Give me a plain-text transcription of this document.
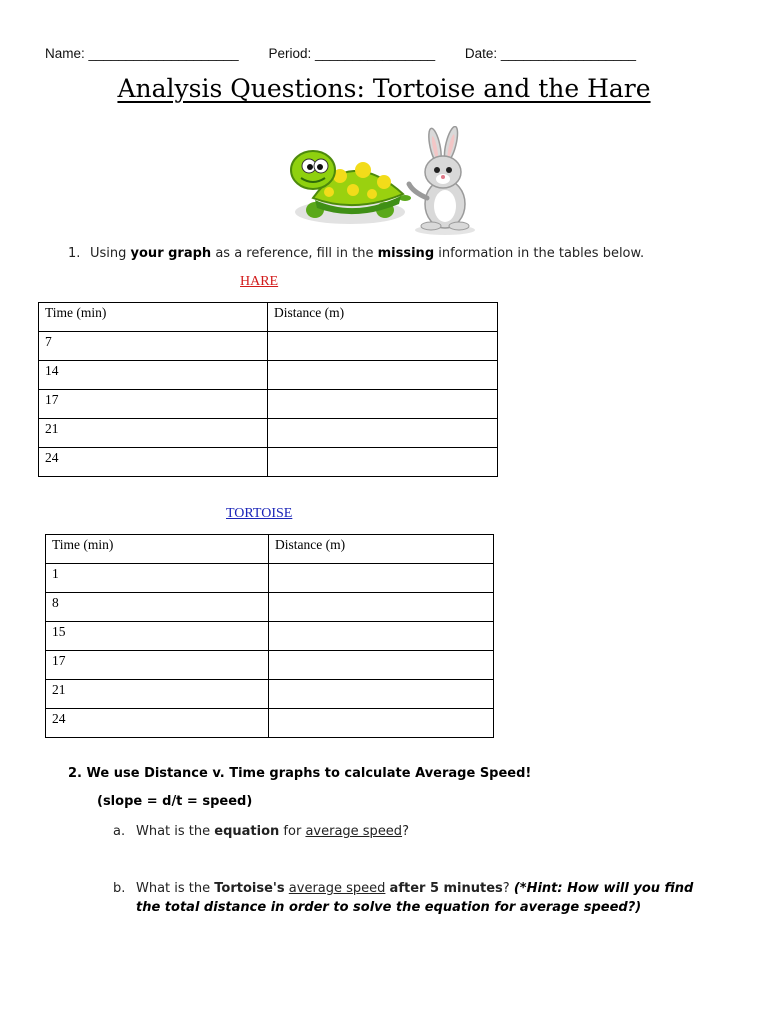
Name: ____________________ Period: ________________ Date: __________________
Analysis Questions: Tortoise and the Hare
1. Using your graph as a reference, fill in the missing information in the tables below.
HARE
Time (min)	Distance (m)
7	
14	
17	
21	
24	
TORTOISE
Time (min)	Distance (m)
1	
8	
15	
17	
21	
24	
2. We use Distance v. Time graphs to calculate Average Speed!
(slope = d/t = speed)
a. What is the equation for average speed?
b. What is the Tortoise's average speed after 5 minutes? (*Hint: How will you find
the total distance in order to solve the equation for average speed?)
